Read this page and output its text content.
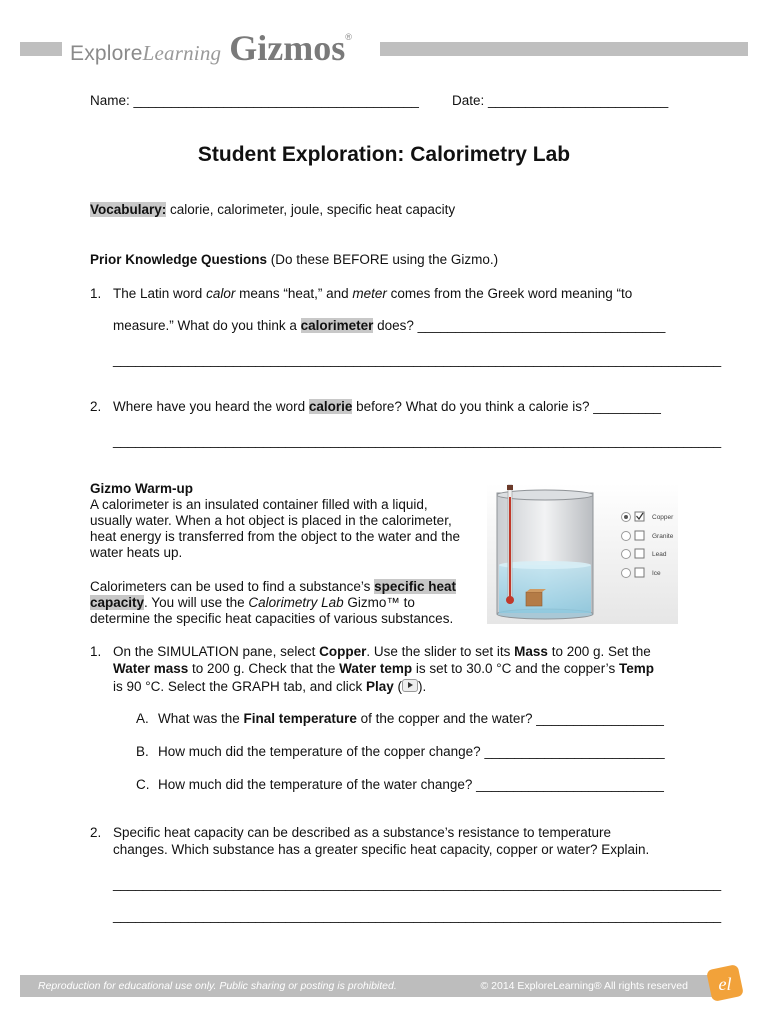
Explore Learning Gizmos ®
Name: ______________________________________ Date: ________________________
Student Exploration: Calorimetry Lab
Vocabulary: calorie, calorimeter, joule, specific heat capacity
Prior Knowledge Questions (Do these BEFORE using the Gizmo.)
1. The Latin word calor means “heat,” and meter comes from the Greek word meaning “to
measure.” What do you think a calorimeter does? _________________________________
_________________________________________________________________________________
2. Where have you heard the word calorie before? What do you think a calorie is? _________
_________________________________________________________________________________
Gizmo Warm-up
A calorimeter is an insulated container filled with a liquid,
usually water. When a hot object is placed in the calorimeter,
heat energy is transferred from the object to the water and the
water heats up.
Calorimeters can be used to find a substance’s specific heat
capacity. You will use the Calorimetry Lab Gizmo™ to
determine the specific heat capacities of various substances.
Copper
Granite
Lead
Ice
1. On the SIMULATION pane, select Copper. Use the slider to set its Mass to 200 g. Set the
Water mass to 200 g. Check that the Water temp is set to 30.0 °C and the copper’s Temp
is 90 °C. Select the GRAPH tab, and click Play ( ).
A. What was the Final temperature of the copper and the water? _________________
B. How much did the temperature of the copper change? ________________________
C. How much did the temperature of the water change? _________________________
2. Specific heat capacity can be described as a substance’s resistance to temperature
changes. Which substance has a greater specific heat capacity, copper or water? Explain.
_________________________________________________________________________________
_________________________________________________________________________________
Reproduction for educational use only. Public sharing or posting is prohibited.	© 2014 ExploreLearning® All rights reserved el
